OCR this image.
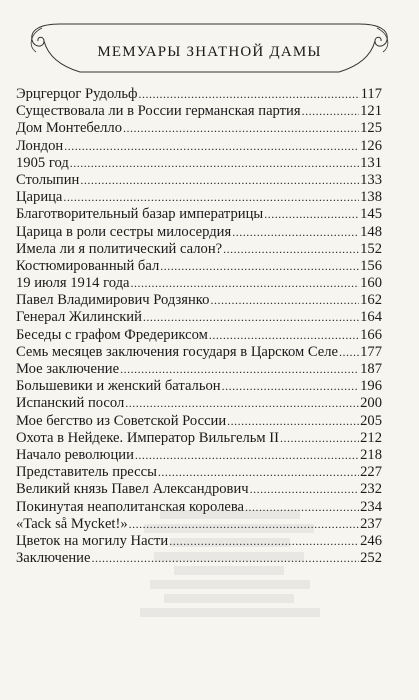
МЕМУАРЫ ЗНАТНОЙ ДАМЫ
Эрцгерцог Рудольф .....	117
Существовала ли в России германская партия .....	121
Дом Монтебелло .....	125
Лондон .....	126
1905 год .....	131
Столыпин .....	133
Царица .....	138
Благотворительный базар императрицы .....	145
Царица в роли сестры милосердия .....	148
Имела ли я политический салон? .....	152
Костюмированный бал .....	156
19 июля 1914 года .....	160
Павел Владимирович Родзянко .....	162
Генерал Жилинский .....	164
Беседы с графом Фредериксом .....	166
Семь месяцев заключения государя в Царском Селе ..... 177
Мое заключение .....	187
Большевики и женский батальон .....	196
Испанский посол .....	200
Мое бегство из Советской России .....	205
Охота в Нейдеке. Император Вильгельм II .....	212
Начало революции .....	218
Представитель прессы .....	227
Великий князь Павел Александрович .....	232
Покинутая неаполитанская королева .....	234
«Tack så Mycket!» .....	237
Цветок на могилу Насти .....	246
Заключение .....	252
